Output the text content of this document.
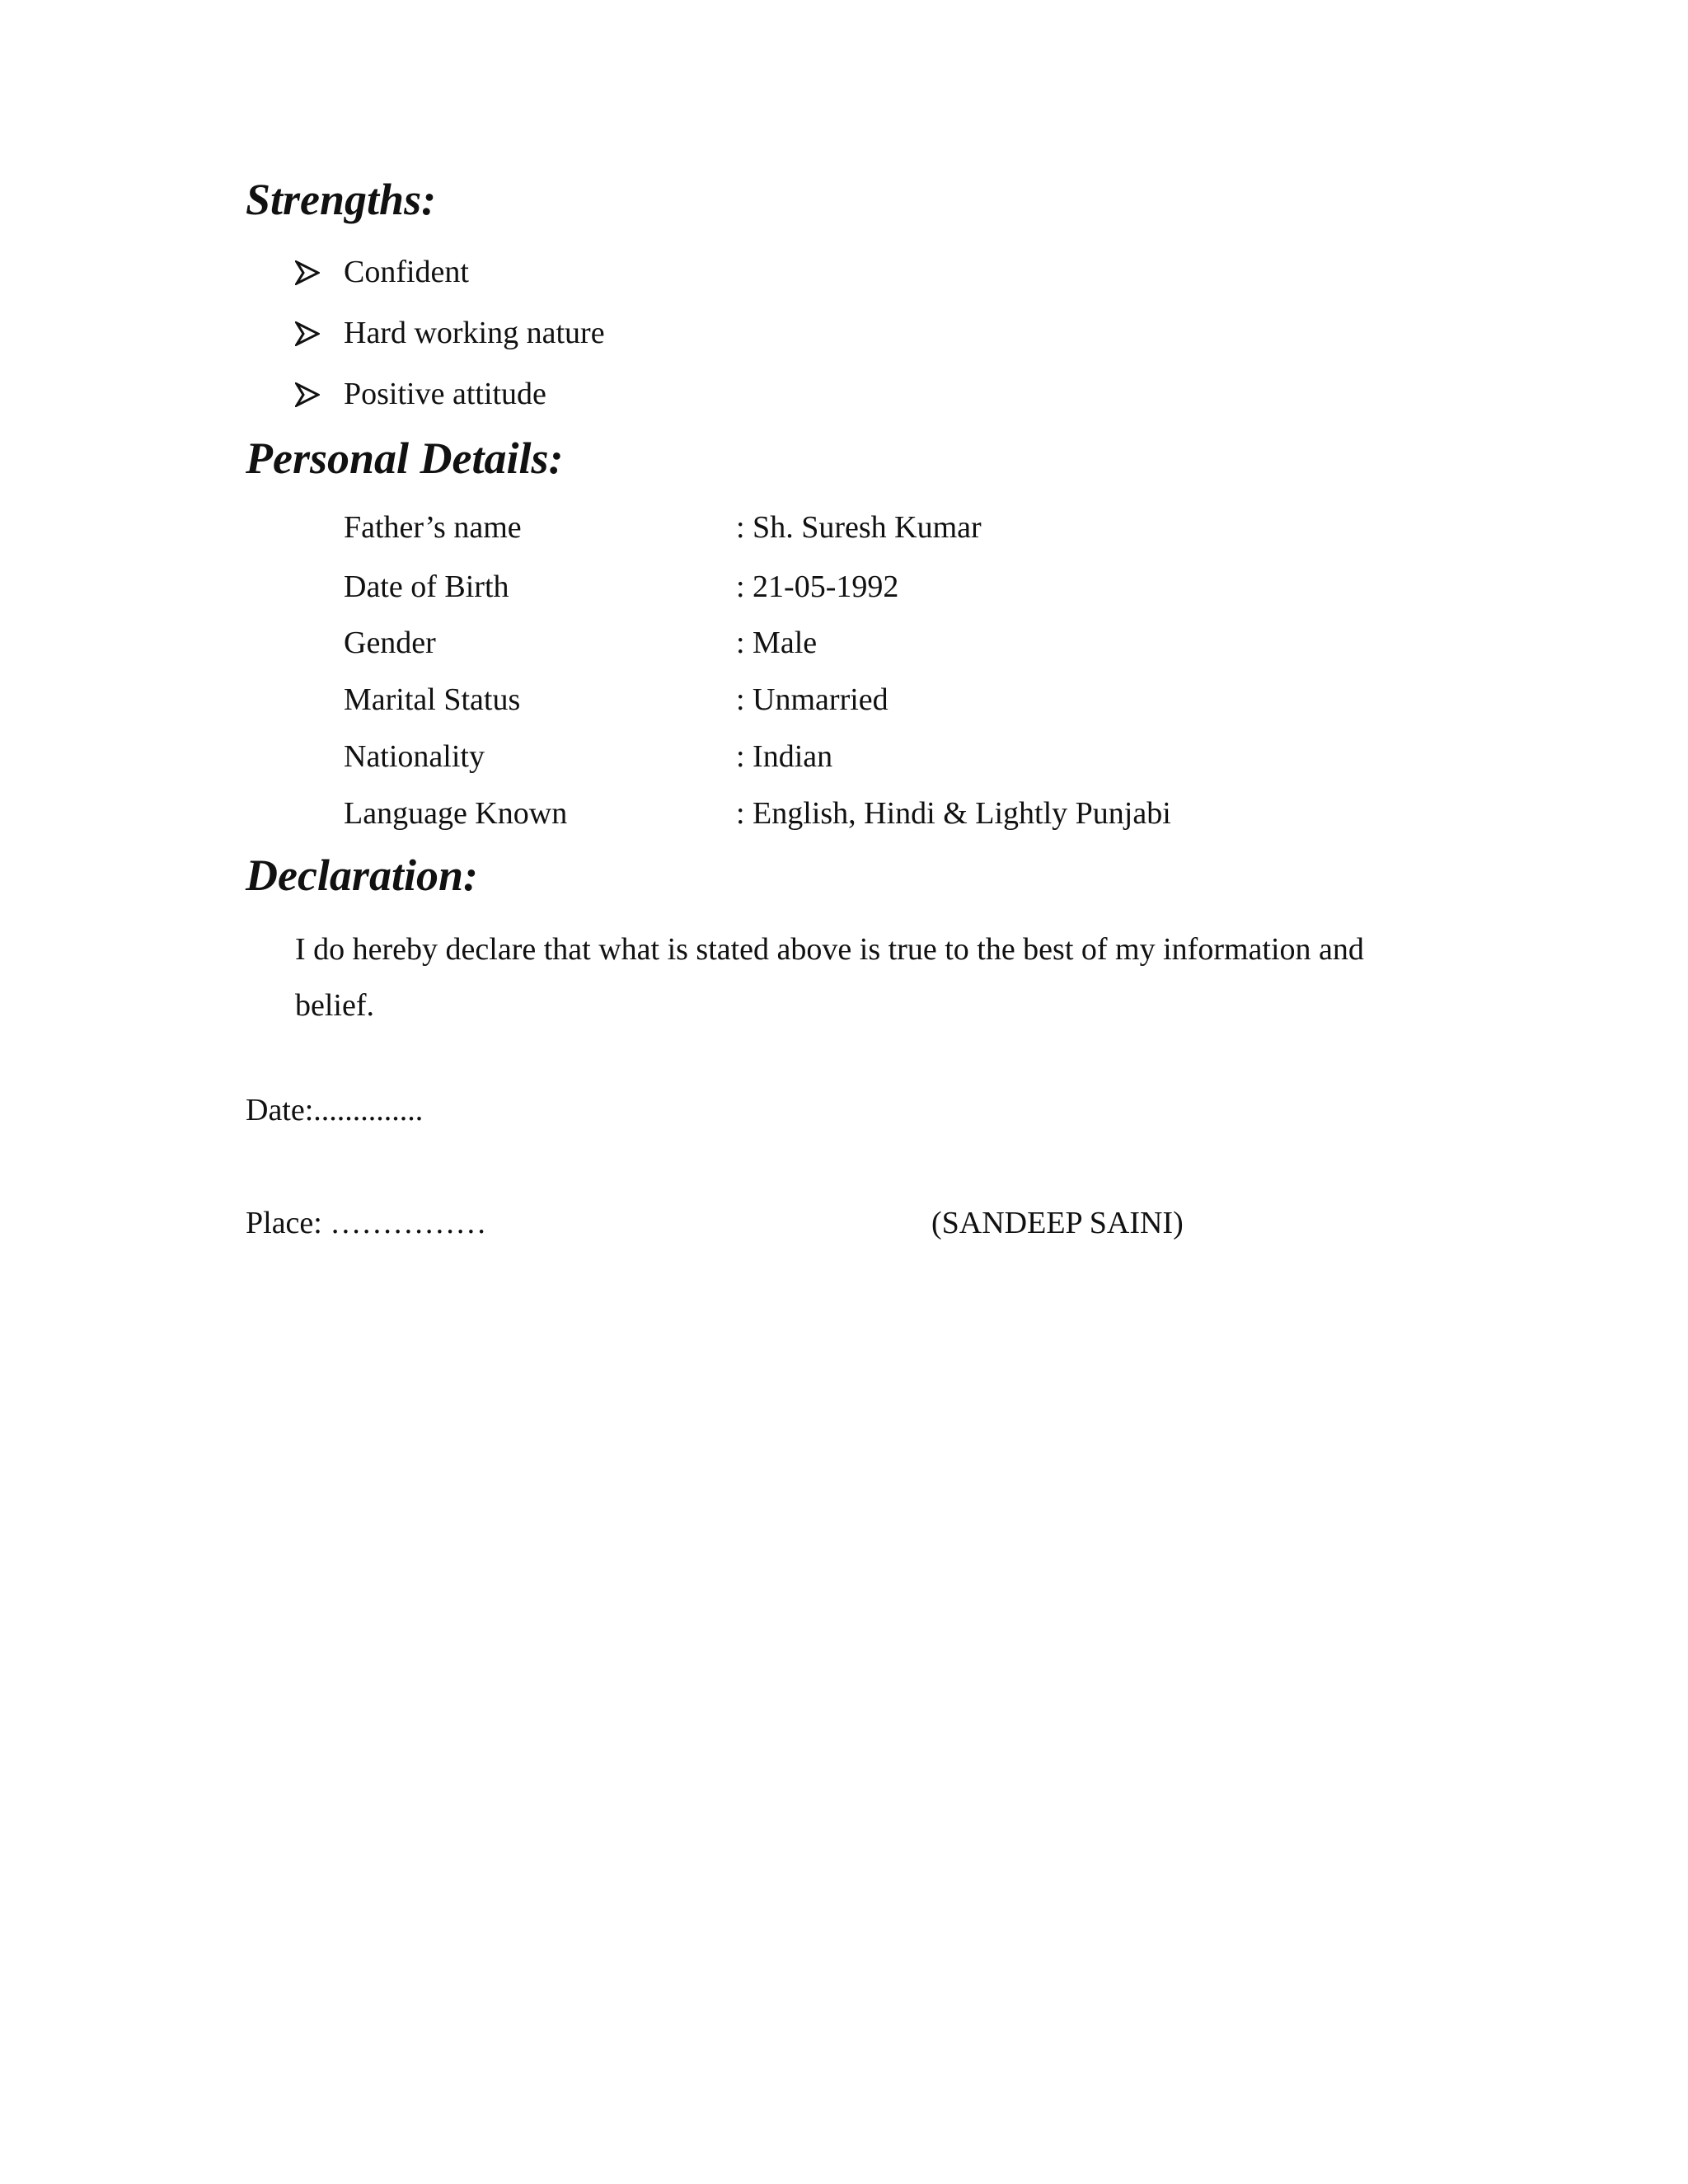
Strengths:
Confident
Hard working nature
Positive attitude
Personal Details:
Father’s name	: Sh. Suresh Kumar
Date of Birth	: 21-05-1992
Gender	: Male
Marital Status	: Unmarried
Nationality	: Indian
Language Known	: English, Hindi & Lightly Punjabi
Declaration:
I do hereby declare that what is stated above is true to the best of my information and
belief.
Date:..............
Place: ……………	(SANDEEP SAINI)
